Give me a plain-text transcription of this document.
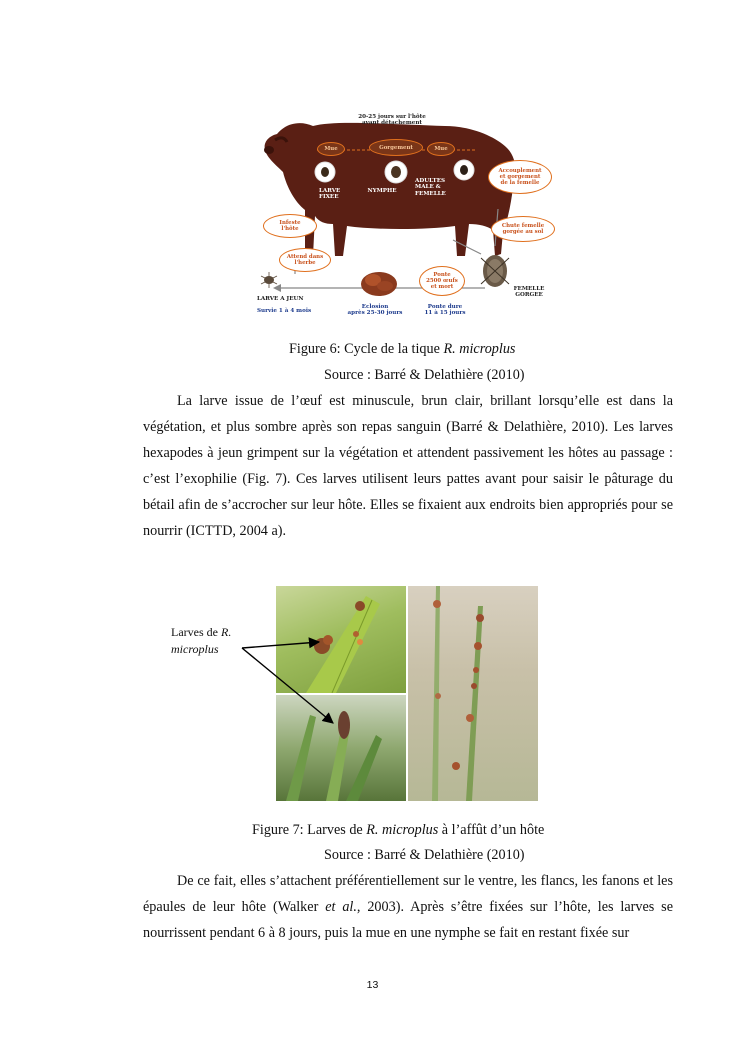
20-25 jours sur l'hôte
avant détachement
Mue	Gorgement	Mue
LARVE
FIXEE
NYMPHE
ADULTES
MALE &
FEMELLE
Accouplement
et gorgement
de la femelle
Infeste
l'hôte	Chute femelle
gorgée au sol
Attend dans
l'herbe
Ponte
2500 œufs
et mort	FEMELLE
GORGEE
LARVE A JEUN
Survie 1 à 4 mois
Eclosion
après 25-30 jours
Ponte dure
11 à 15 jours
Figure 6: Cycle de la tique R. microplus
Source : Barré & Delathière (2010)

La larve issue de l’œuf est minuscule, brun clair, brillant lorsqu’elle est dans la végétation, et plus sombre après son repas sanguin (Barré & Delathière, 2010). Les larves hexapodes à jeun grimpent sur la végétation et attendent passivement les hôtes au passage : c’est l’exophilie (Fig. 7). Ces larves utilisent leurs pattes avant pour saisir le pâturage du bétail afin de s’accrocher sur leur hôte. Elles se fixaient aux endroits bien appropriés pour se nourrir (ICTTD, 2004 a).

Larves de R.
microplus
Figure 7: Larves de R. microplus à l’affût d’un hôte
Source : Barré & Delathière (2010)

De ce fait, elles s’attachent préférentiellement sur le ventre, les flancs, les fanons et les épaules de leur hôte (Walker et al., 2003). Après s’être fixées sur l’hôte, les larves se nourrissent pendant 6 à 8 jours, puis la mue en une nymphe se fait en restant fixée sur

13
